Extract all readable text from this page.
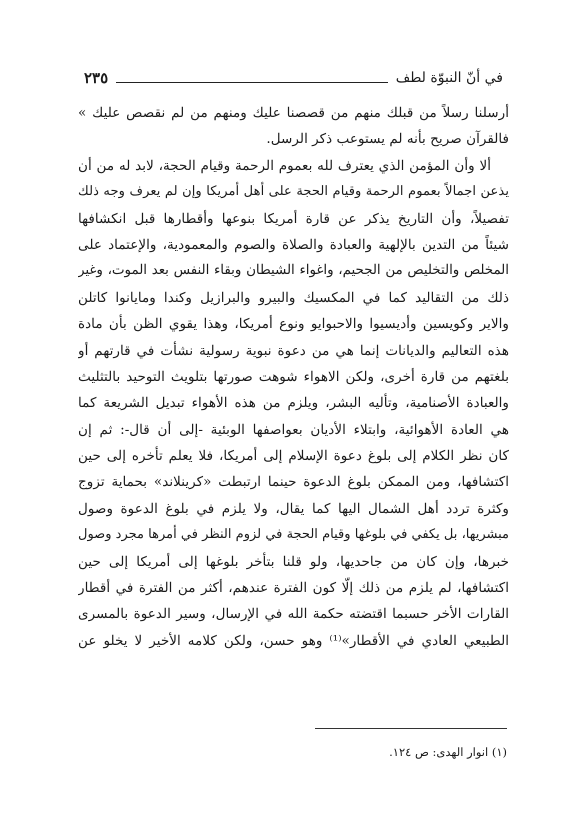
في أنّ النبوّة لطف
٢٣٥
أرسلنا رسلاً من قبلك منهم من قصصنا عليك ومنهم من لم نقصص عليك »
فالقرآن صريح بأنه لم يستوعب ذكر الرسل.
ألا وأن المؤمن الذي يعترف لله بعموم الرحمة وقيام الحجة، لابد له من أن
يذعن اجمالاً بعموم الرحمة وقيام الحجة على أهل أمريكا وإن لم يعرف وجه ذلك
تفصيلاً، وأن التاريخ يذكر عن قارة أمريكا بنوعها وأقطارها قبل انكشافها
شيئاً من التدين بالإلهية والعبادة والصلاة والصوم والمعمودية، والإعتماد على
المخلص والتخليص من الجحيم، واغواء الشيطان وبقاء النفس بعد الموت، وغير
ذلك من التقاليد كما في المكسيك والبيرو والبرازيل وكندا ومايانوا كاتلن
والاير وكويسين وأديسيوا والاحبوايو ونوع أمريكا، وهذا يقوي الظن بأن مادة
هذه التعاليم والديانات إنما هي من دعوة نبوية رسولية نشأت في قارتهم أو
بلغتهم من قارة أخرى، ولكن الاهواء شوهت صورتها بتلويث التوحيد بالتثليث
والعبادة الأصنامية، وتأليه البشر، ويلزم من هذه الأهواء تبديل الشريعة كما
هي العادة الأهوائية، وابتلاء الأديان بعواصفها الوبئية -إلى أن قال-: ثم إن
كان نظر الكلام إلى بلوغ دعوة الإسلام إلى أمريكا، فلا يعلم تأخره إلى حين
اكتشافها، ومن الممكن بلوغ الدعوة حينما ارتبطت «كرينلاند» بحماية تزوج
وكثرة تردد أهل الشمال اليها كما يقال، ولا يلزم في بلوغ الدعوة وصول
مبشريها، بل يكفي في بلوغها وقيام الحجة في لزوم النظر في أمرها مجرد وصول
خبرها، وإن كان من جاحديها، ولو قلنا بتأخر بلوغها إلى أمريكا إلى حين
اكتشافها، لم يلزم من ذلك إلّا كون الفترة عندهم، أكثر من الفترة في أقطار
القارات الأخر حسبما اقتضته حكمة الله في الإرسال، وسير الدعوة بالمسرى
الطبيعي العادي في الأقطار»⁽¹⁾ وهو حسن، ولكن كلامه الأخير لا يخلو عن
(١) انوار الهدى: ص ١٢٤.
